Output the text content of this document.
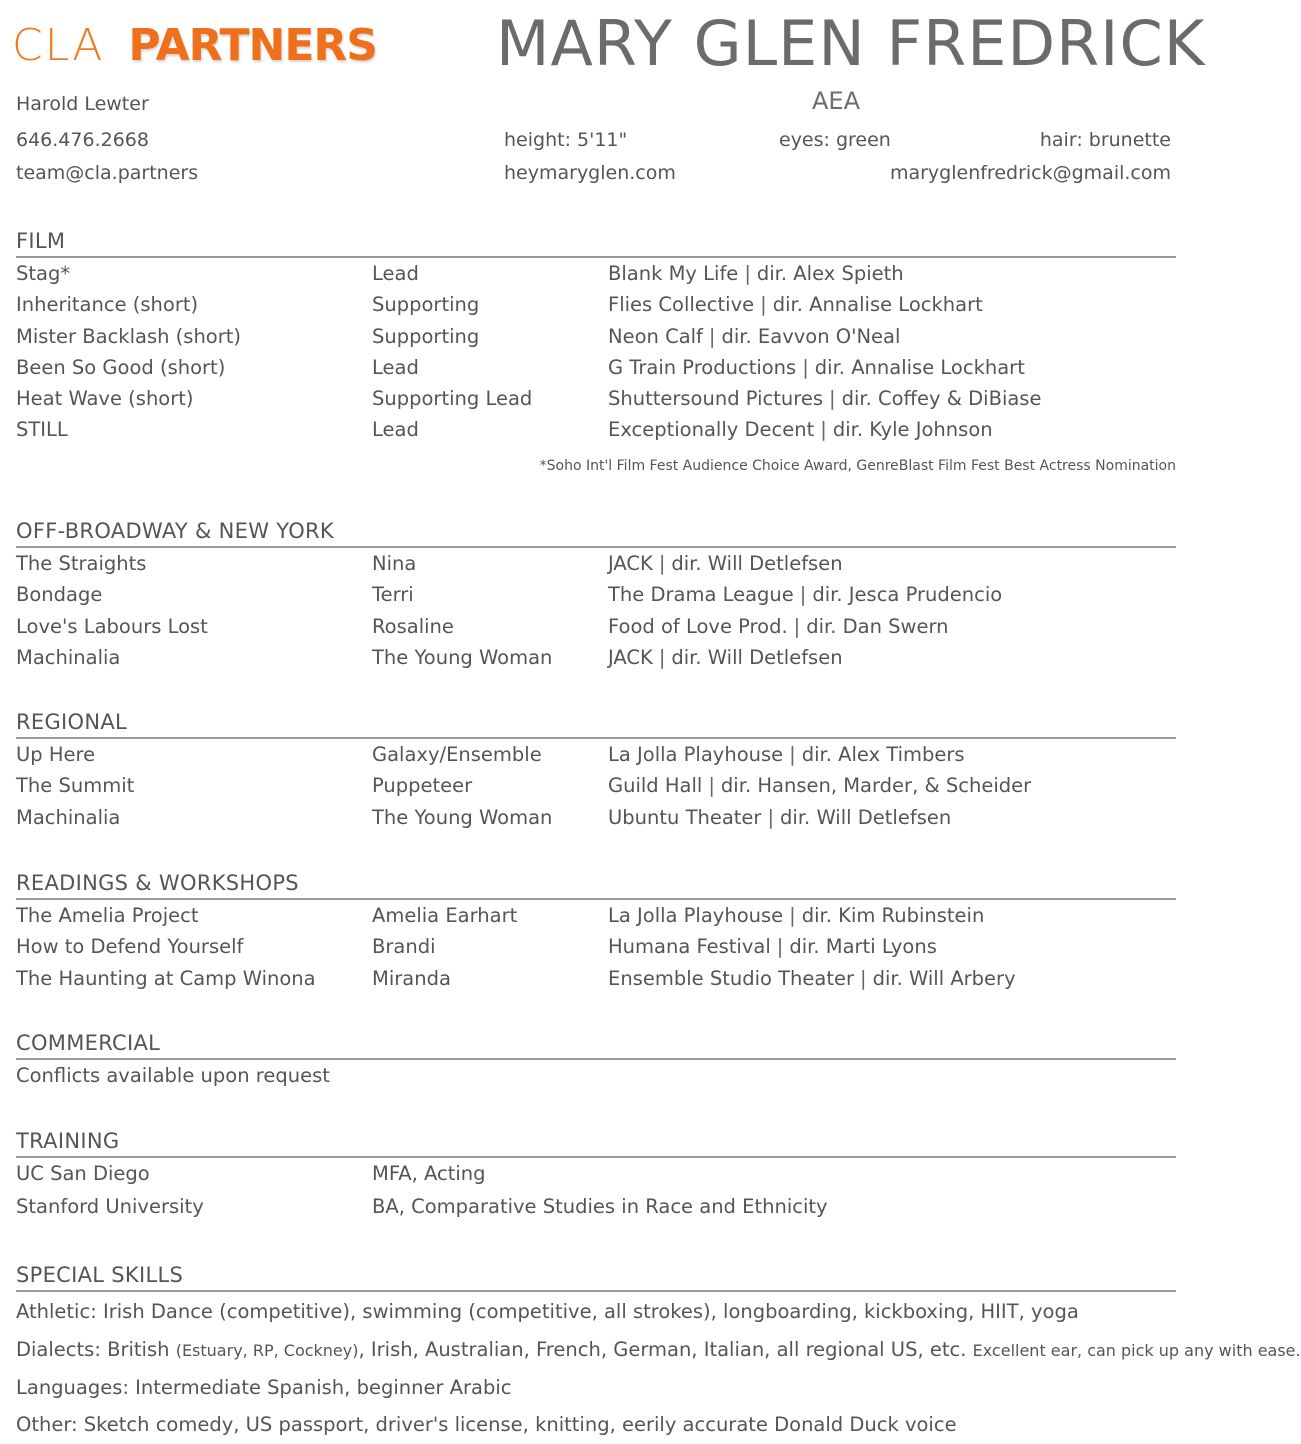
CLA PARTNERS
Harold Lewter
646.476.2668
team@cla.partners
MARY GLEN FREDRICK
AEA
height: 5'11"	eyes: green	hair: brunette
heymaryglen.com	maryglenfredrick@gmail.com
FILM
Stag*	Lead	Blank My Life | dir. Alex Spieth
Inheritance (short)	Supporting	Flies Collective | dir. Annalise Lockhart
Mister Backlash (short)	Supporting	Neon Calf | dir. Eavvon O'Neal
Been So Good (short)	Lead	G Train Productions | dir. Annalise Lockhart
Heat Wave (short)	Supporting Lead	Shuttersound Pictures | dir. Coffey & DiBiase
STILL	Lead	Exceptionally Decent | dir. Kyle Johnson
*Soho Int'l Film Fest Audience Choice Award, GenreBlast Film Fest Best Actress Nomination
OFF-BROADWAY & NEW YORK
The Straights	Nina	JACK | dir. Will Detlefsen
Bondage	Terri	The Drama League | dir. Jesca Prudencio
Love's Labours Lost	Rosaline	Food of Love Prod. | dir. Dan Swern
Machinalia	The Young Woman	JACK | dir. Will Detlefsen
REGIONAL
Up Here	Galaxy/Ensemble	La Jolla Playhouse | dir. Alex Timbers
The Summit	Puppeteer	Guild Hall | dir. Hansen, Marder, & Scheider
Machinalia	The Young Woman	Ubuntu Theater | dir. Will Detlefsen
READINGS & WORKSHOPS
The Amelia Project	Amelia Earhart	La Jolla Playhouse | dir. Kim Rubinstein
How to Defend Yourself	Brandi	Humana Festival | dir. Marti Lyons
The Haunting at Camp Winona	Miranda	Ensemble Studio Theater | dir. Will Arbery
COMMERCIAL
Conflicts available upon request
TRAINING
UC San Diego	MFA, Acting
Stanford University	BA, Comparative Studies in Race and Ethnicity
SPECIAL SKILLS
Athletic: Irish Dance (competitive), swimming (competitive, all strokes), longboarding, kickboxing, HIIT, yoga
Dialects: British (Estuary, RP, Cockney), Irish, Australian, French, German, Italian, all regional US, etc. Excellent ear, can pick up any with ease.
Languages: Intermediate Spanish, beginner Arabic
Other: Sketch comedy, US passport, driver's license, knitting, eerily accurate Donald Duck voice
